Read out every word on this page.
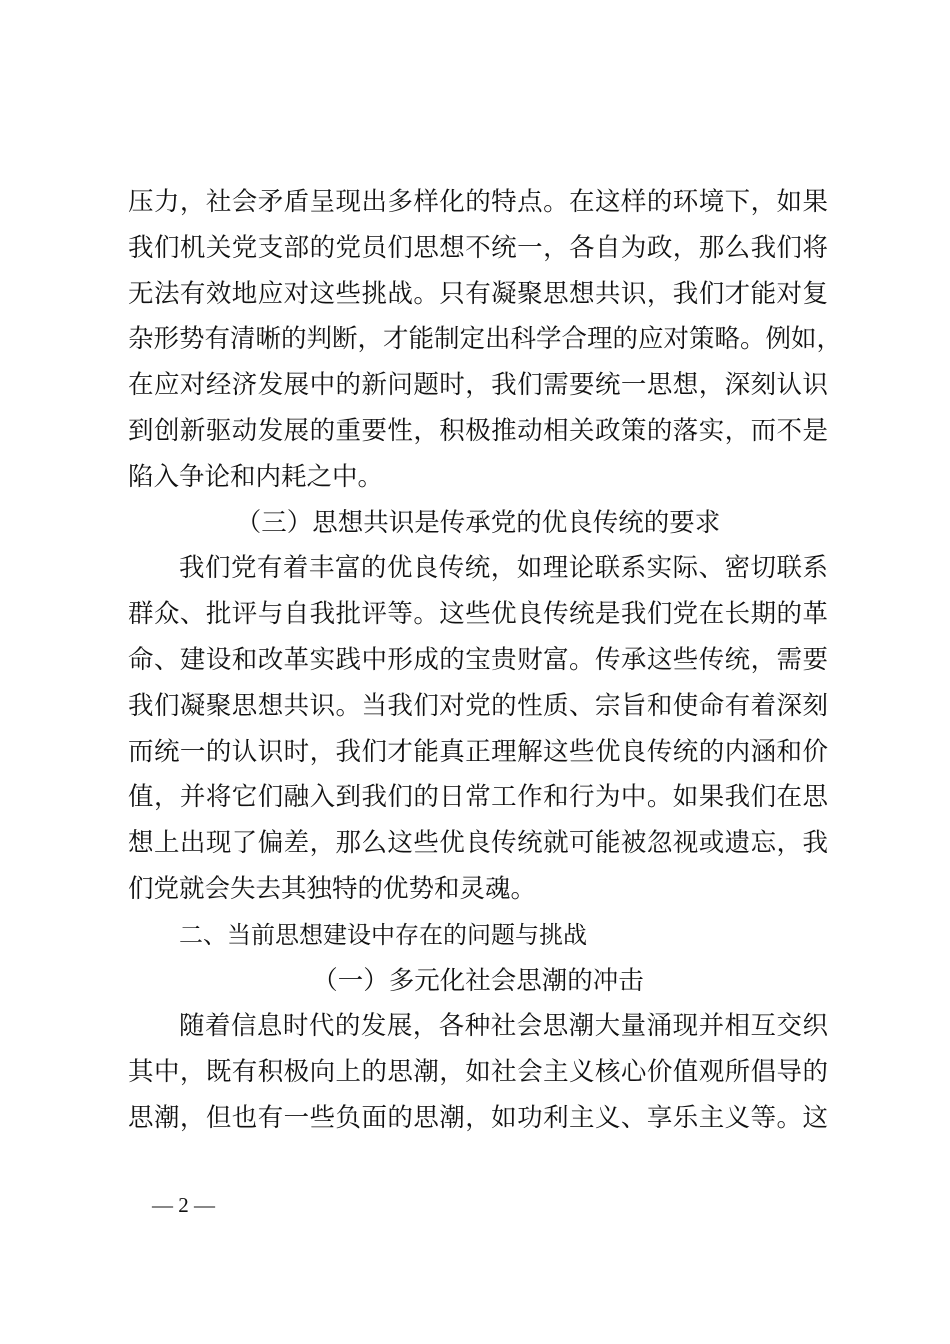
压力，社会矛盾呈现出多样化的特点。在这样的环境下，如果
我们机关党支部的党员们思想不统一，各自为政，那么我们将
无法有效地应对这些挑战。只有凝聚思想共识，我们才能对复
杂形势有清晰的判断，才能制定出科学合理的应对策略。例如，
在应对经济发展中的新问题时，我们需要统一思想，深刻认识
到创新驱动发展的重要性，积极推动相关政策的落实，而不是
陷入争论和内耗之中。
（三）思想共识是传承党的优良传统的要求
我们党有着丰富的优良传统，如理论联系实际、密切联系
群众、批评与自我批评等。这些优良传统是我们党在长期的革
命、建设和改革实践中形成的宝贵财富。传承这些传统，需要
我们凝聚思想共识。当我们对党的性质、宗旨和使命有着深刻
而统一的认识时，我们才能真正理解这些优良传统的内涵和价
值，并将它们融入到我们的日常工作和行为中。如果我们在思
想上出现了偏差，那么这些优良传统就可能被忽视或遗忘，我
们党就会失去其独特的优势和灵魂。
二、当前思想建设中存在的问题与挑战
（一）多元化社会思潮的冲击
随着信息时代的发展，各种社会思潮大量涌现并相互交织
其中，既有积极向上的思潮，如社会主义核心价值观所倡导的
思潮，但也有一些负面的思潮，如功利主义、享乐主义等。这
— 2 —
